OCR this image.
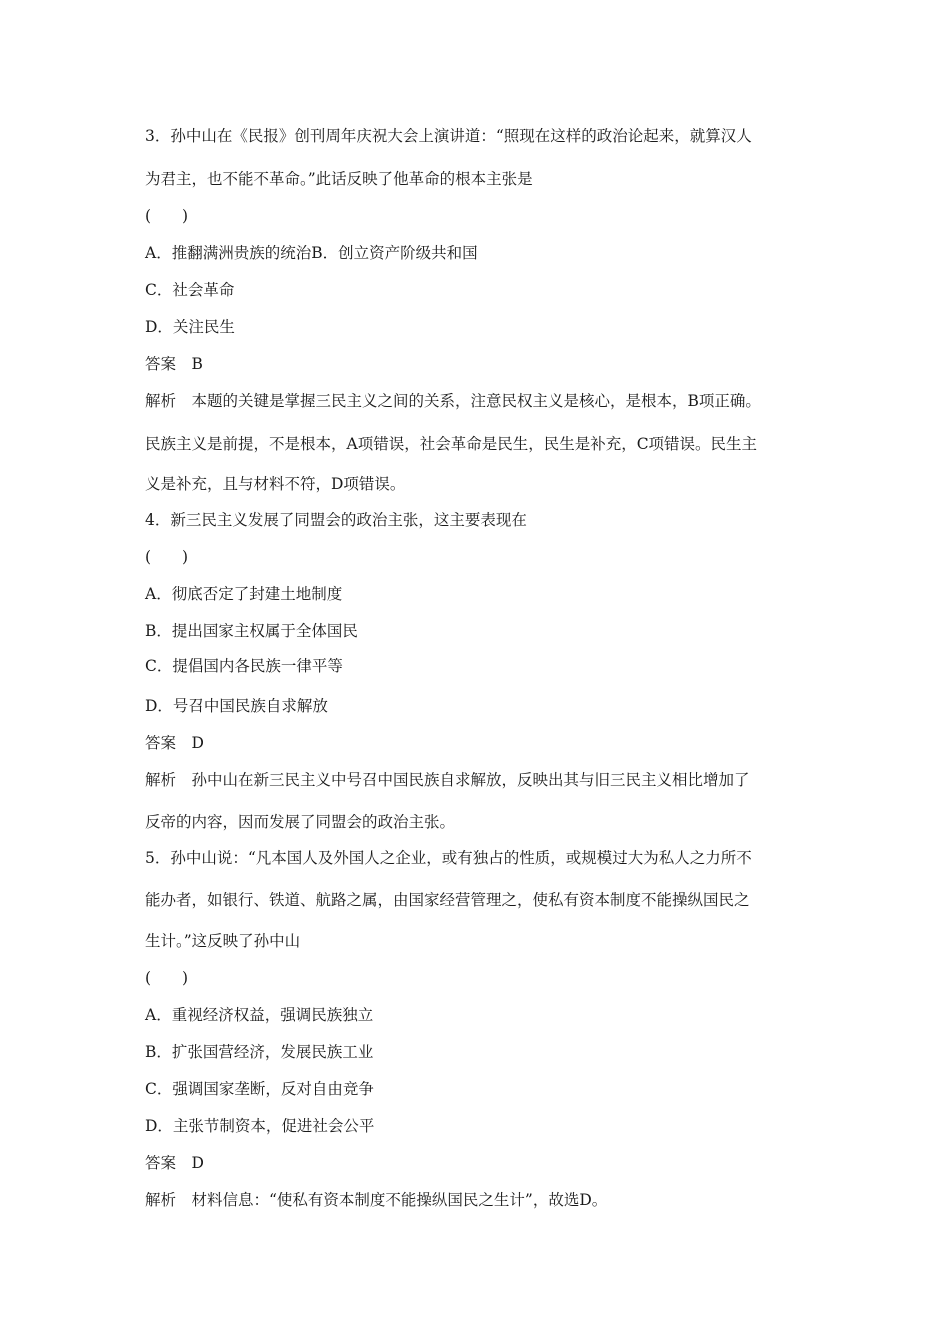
3．孙中山在《民报》创刊周年庆祝大会上演讲道：“照现在这样的政治论起来，就算汉人
为君主，也不能不革命。”此话反映了他革命的根本主张是
(　　)
A．推翻满洲贵族的统治B．创立资产阶级共和国
C．社会革命
D．关注民生
答案　B
解析　本题的关键是掌握三民主义之间的关系，注意民权主义是核心，是根本，B项正确。
民族主义是前提，不是根本，A项错误，社会革命是民生，民生是补充，C项错误。民生主
义是补充，且与材料不符，D项错误。
4．新三民主义发展了同盟会的政治主张，这主要表现在
(　　)
A．彻底否定了封建土地制度
B．提出国家主权属于全体国民
C．提倡国内各民族一律平等
D．号召中国民族自求解放
答案　D
解析　孙中山在新三民主义中号召中国民族自求解放，反映出其与旧三民主义相比增加了
反帝的内容，因而发展了同盟会的政治主张。
5．孙中山说：“凡本国人及外国人之企业，或有独占的性质，或规模过大为私人之力所不
能办者，如银行、铁道、航路之属，由国家经营管理之，使私有资本制度不能操纵国民之
生计。”这反映了孙中山
(　　)
A．重视经济权益，强调民族独立
B．扩张国营经济，发展民族工业
C．强调国家垄断，反对自由竞争
D．主张节制资本，促进社会公平
答案　D
解析　材料信息：“使私有资本制度不能操纵国民之生计”，故选D。
